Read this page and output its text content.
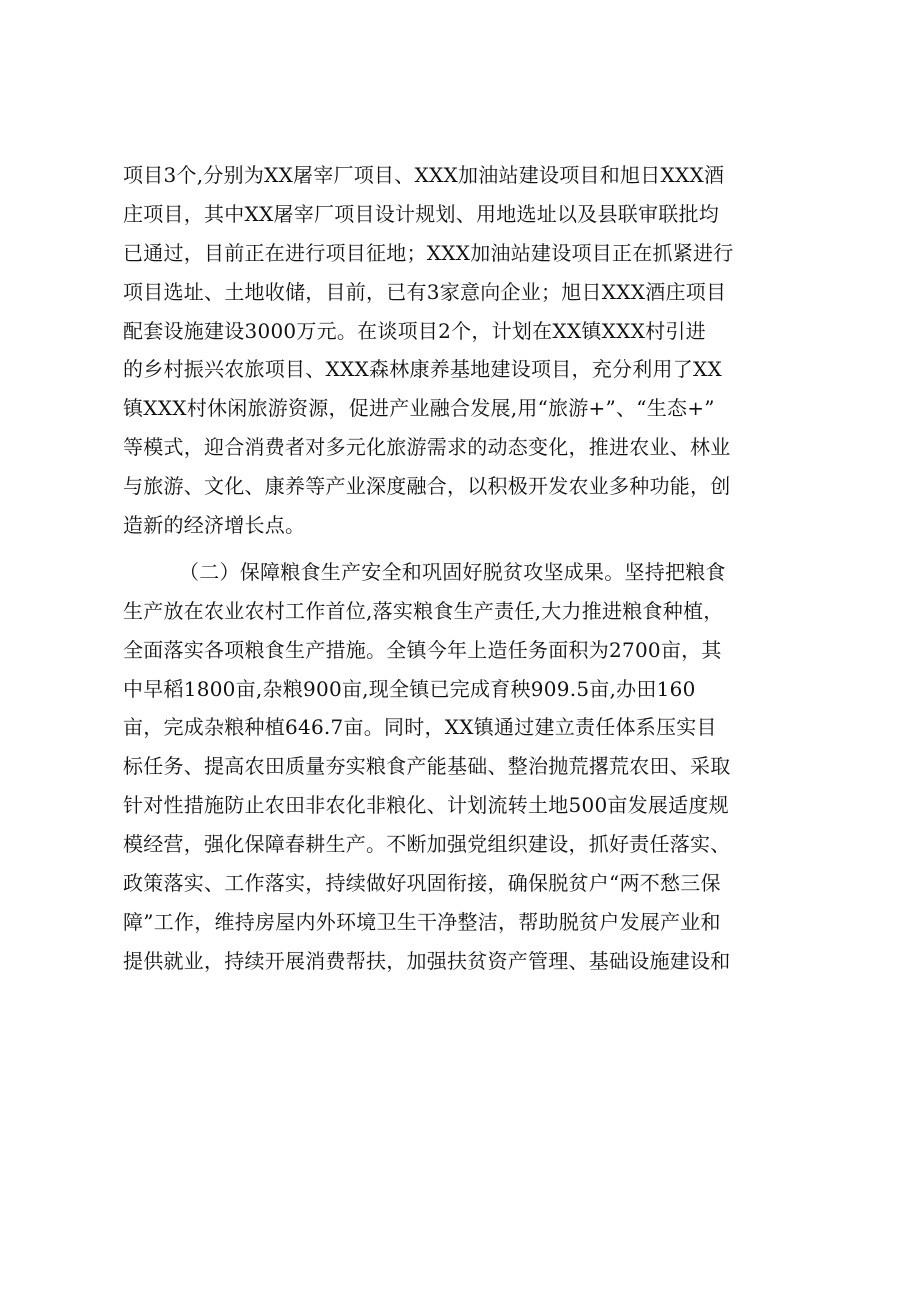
项目3个,分别为XX屠宰厂项目、XXX加油站建设项目和旭日XXX酒
庄项目，其中XX屠宰厂项目设计规划、用地选址以及县联审联批均
已通过，目前正在进行项目征地；XXX加油站建设项目正在抓紧进行
项目选址、土地收储，目前，已有3家意向企业；旭日XXX酒庄项目
配套设施建设3000万元。在谈项目2个，计划在XX镇XXX村引进
的乡村振兴农旅项目、XXX森林康养基地建设项目，充分利用了XX
镇XXX村休闲旅游资源，促进产业融合发展,用“旅游+”、“生态+”
等模式，迎合消费者对多元化旅游需求的动态变化，推进农业、林业
与旅游、文化、康养等产业深度融合，以积极开发农业多种功能，创
造新的经济增长点。
（二）保障粮食生产安全和巩固好脱贫攻坚成果。坚持把粮食
生产放在农业农村工作首位,落实粮食生产责任,大力推进粮食种植，
全面落实各项粮食生产措施。全镇今年上造任务面积为2700亩，其
中早稻1800亩,杂粮900亩,现全镇已完成育秧909.5亩,办田160
亩，完成杂粮种植646.7亩。同时，XX镇通过建立责任体系压实目
标任务、提高农田质量夯实粮食产能基础、整治抛荒撂荒农田、采取
针对性措施防止农田非农化非粮化、计划流转土地500亩发展适度规
模经营，强化保障春耕生产。不断加强党组织建设，抓好责任落实、
政策落实、工作落实，持续做好巩固衔接，确保脱贫户“两不愁三保
障”工作，维持房屋内外环境卫生干净整洁，帮助脱贫户发展产业和
提供就业，持续开展消费帮扶，加强扶贫资产管理、基础设施建设和
